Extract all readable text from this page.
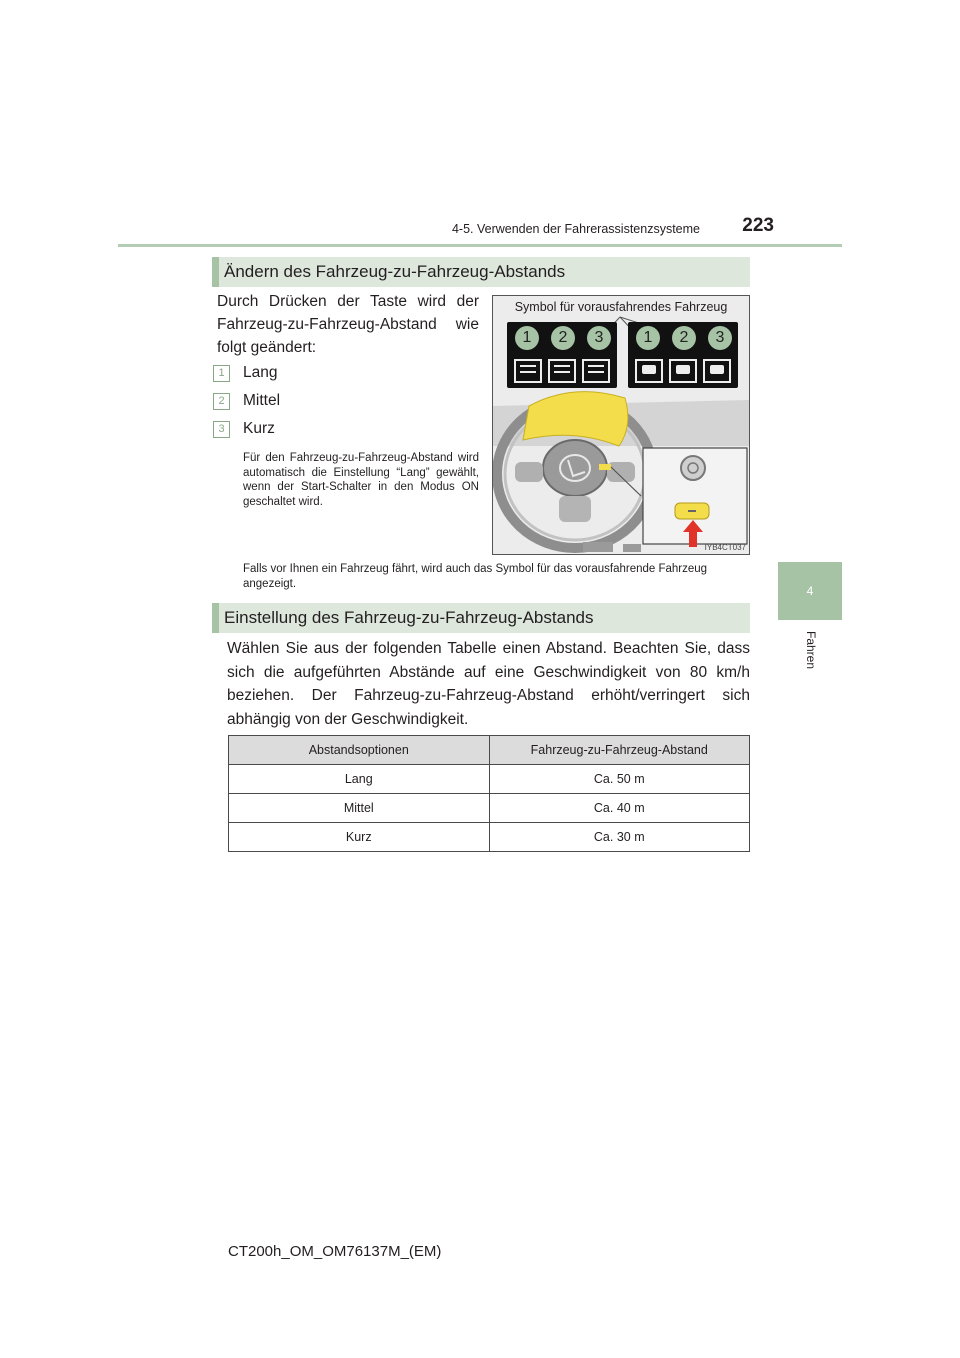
4-5. Verwenden der Fahrerassistenzsysteme	223
4
Fahren
Ändern des Fahrzeug-zu-Fahrzeug-Abstands
Durch Drücken der Taste wird der Fahrzeug-zu-Fahrzeug-Abstand wie folgt geändert:
1	Lang
2	Mittel
3	Kurz
Für den Fahrzeug-zu-Fahrzeug-Abstand wird automatisch die Einstellung “Lang” gewählt, wenn der Start-Schalter in den Modus ON geschaltet wird.
Symbol für vorausfahrendes Fahrzeug
1	2	3	1	2	3
IYB4CT037
Falls vor Ihnen ein Fahrzeug fährt, wird auch das Symbol für das vorausfahrende Fahrzeug angezeigt.
Einstellung des Fahrzeug-zu-Fahrzeug-Abstands
Wählen Sie aus der folgenden Tabelle einen Abstand. Beachten Sie, dass sich die aufgeführten Abstände auf eine Geschwindigkeit von 80 km/h beziehen. Der Fahrzeug-zu-Fahrzeug-Abstand erhöht/verringert sich abhängig von der Geschwindigkeit.
Abstandsoptionen	Fahrzeug-zu-Fahrzeug-Abstand
Lang	Ca. 50 m
Mittel	Ca. 40 m
Kurz	Ca. 30 m
CT200h_OM_OM76137M_(EM)
